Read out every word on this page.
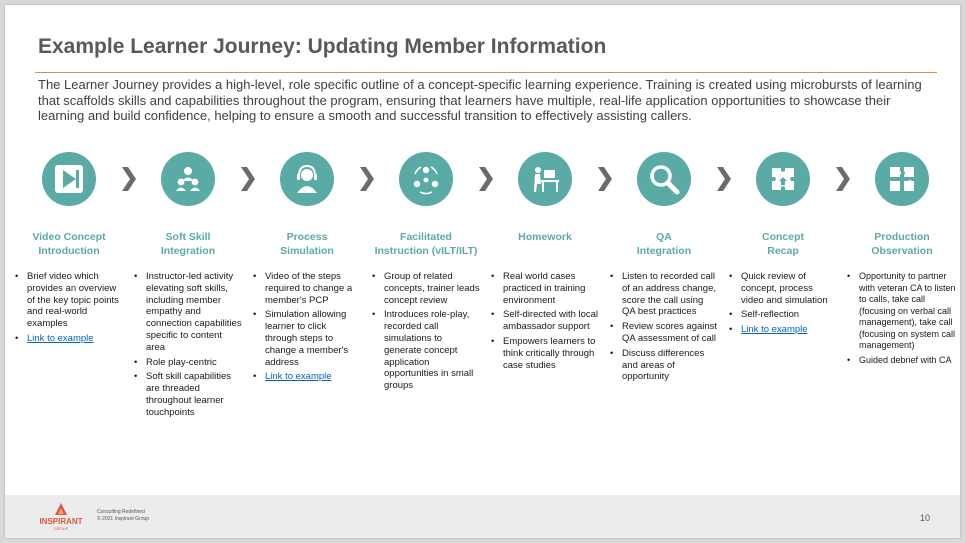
Example Learner Journey: Updating Member Information
The Learner Journey provides a high-level, role specific outline of a concept-specific learning experience. Training is created using microbursts of learning that scaffolds skills and capabilities throughout the program, ensuring that learners have multiple, real-life application opportunities to showcase their learning and build confidence, helping to ensure a smooth and successful transition to effectively assisting callers.
Video Concept
Introduction
Soft Skill
Integration
Process
Simulation
Facilitated
Instruction (vILT/ILT)
Homework	QA
Integration
Concept
Recap
Production
Observation
• Brief video which provides an overview of the key topic points and real-world examples
• Link to example
• Instructor-led activity elevating soft skills, including member empathy and connection capabilities specific to content area
• Role play-centric
• Soft skill capabilities are threaded throughout learner touchpoints
• Video of the steps required to change a member's PCP
• Simulation allowing learner to click through steps to change a member's address
• Link to example
• Group of related concepts, trainer leads concept review
• Introduces role-play, recorded call simulations to generate concept application opportunities in small groups
• Real world cases practiced in training environment
• Self-directed with local ambassador support
• Empowers learners to think critically through case studies
• Listen to recorded call of an address change, score the call using QA best practices
• Review scores against QA assessment of call
• Discuss differences and areas of opportunity
• Quick review of concept, process video and simulation
• Self-reflection
• Link to example
• Opportunity to partner with veteran CA to listen to calls, take call (focusing on verbal call management), take call (focusing on system call management)
• Guided debrief with CA
INSPIRANT
GROUP
Consulting Redefined
© 2021 Inspirant Group	10
